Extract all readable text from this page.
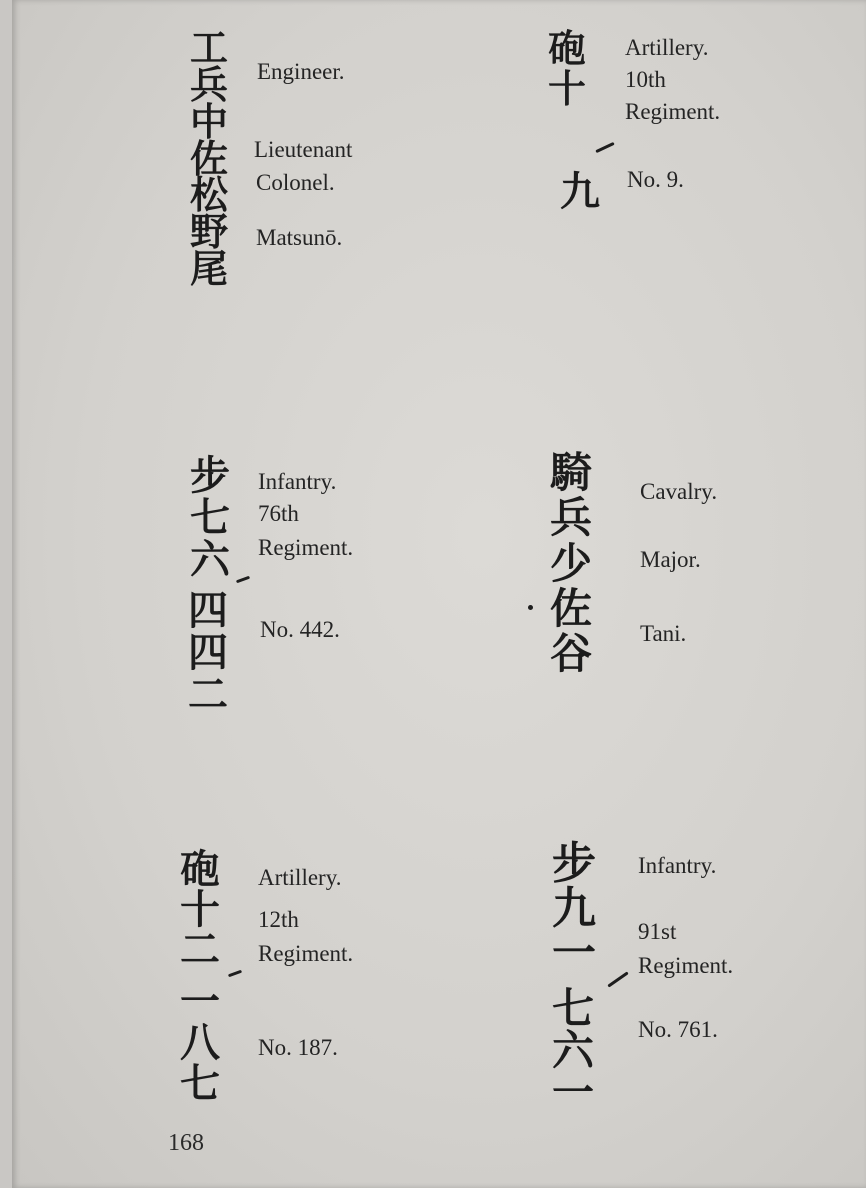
工
兵
中
佐
松
野
尾
Engineer.
Lieutenant
Colonel.
Matsunō.
砲
十
九
Artillery.
10th
Regiment.
No. 9.
步
七
六
四
四
二
Infantry.
76th
Regiment.
No. 442.
騎
兵
少
佐
谷
Cavalry.
Major.
Tani.
砲
十
二
一
八
七
Artillery.
12th
Regiment.
No. 187.
步
九
一
七
六
一
Infantry.
91st
Regiment.
No. 761.
168
